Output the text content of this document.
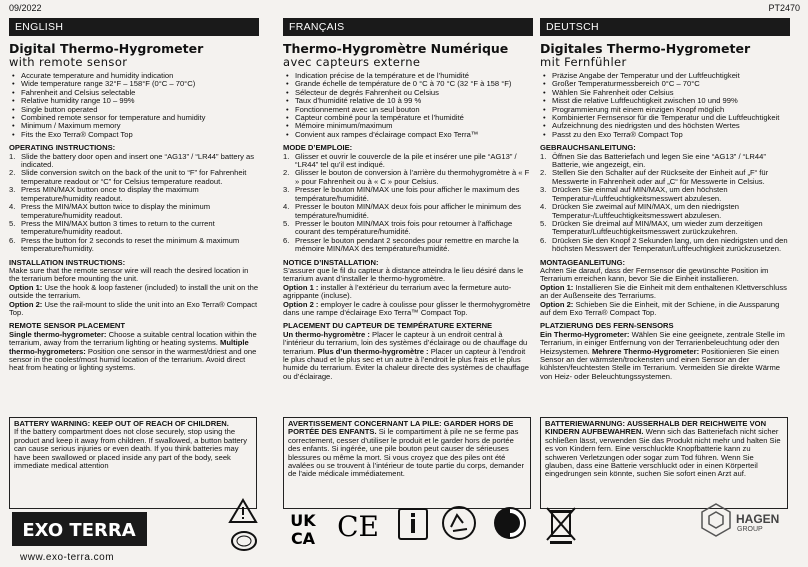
09/2022	PT2470
ENGLISH
Digital Thermo-Hygrometer
with remote sensor
• Accurate temperature and humidity indication
• Wide temperature range 32°F – 158°F (0°C – 70°C)
• Fahrenheit and Celsius selectable
• Relative humidity range 10 – 99%
• Single button operated
• Combined remote sensor for temperature and humidity
• Minimum / Maximum memory
• Fits the Exo Terra® Compact Top
OPERATING INSTRUCTIONS:
1. Slide the battery door open and insert one “AG13” / “LR44” battery as indicated.
2. Slide conversion switch on the back of the unit to “F” for Fahrenheit temperature readout or “C” for Celsius temperature readout.
3. Press MIN/MAX button once to display the maximum temperature/humidity readout.
4. Press the MIN/MAX button twice to display the minimum temperature/humidity readout.
5. Press the MIN/MAX button 3 times to return to the current temperature/humidity readout.
6. Press the button for 2 seconds to reset the minimum & maximum temperature/humidity.
INSTALLATION INSTRUCTIONS:
Make sure that the remote sensor wire will reach the desired location in the terrarium before mounting the unit.
Option 1: Use the hook & loop fastener (included) to install the unit on the outside the terrarium.
Option 2: Use the rail-mount to slide the unit into an Exo Terra® Compact Top.
REMOTE SENSOR PLACEMENT
Single thermo-hygrometer: Choose a suitable central location within the terrarium, away from the terrarium lighting or heating systems. Multiple thermo-hygrometers: Position one sensor in the warmest/driest and one sensor in the coolest/most humid location of the terrarium. Avoid direct heat from heating or lighting systems.
FRANÇAIS
Thermo-Hygromètre Numérique
avec capteurs externe
• Indication précise de la température et de l’humidité
• Grande échelle de température de 0 °C à 70 °C (32 °F à 158 °F)
• Sélecteur de degrés Fahrenheit ou Celsius
• Taux d’humidité relative de 10 à 99 %
• Fonctionnement avec un seul bouton
• Capteur combiné pour la température et l’humidité
• Mémoire minimum/maximum
• Convient aux rampes d’éclairage compact Exo Terra™
MODE D’EMPLOIE:
1. Glisser et ouvrir le couvercle de la pile et insérer une pile “AG13” / “LR44” tel qu’il est indiqué.
2. Glisser le bouton de conversion à l’arrière du thermohygromètre à « F » pour Fahrenheit ou à « C » pour Celsius.
3. Presser le bouton MIN/MAX une fois pour afficher le maximum des température/humidité.
4. Presser le bouton MIN/MAX deux fois pour afficher le minimum des température/humidité.
5. Presser le bouton MIN/MAX trois fois pour retourner à l’affichage courant des température/humidité.
6. Presser le bouton pendant 2 secondes pour remettre en marche la mémoire MIN/MAX des température/humidité.
NOTICE D’INSTALLATION:
S’assurer que le fil du capteur à distance atteindra le lieu désiré dans le terrarium avant d’installer le thermo-hygromètre.
Option 1 : installer à l’extérieur du terrarium avec la fermeture auto-agrippante (incluse).
Option 2 : employer le cadre à coulisse pour glisser le thermohygromètre dans une rampe d’éclairage Exo Terra™ Compact Top.
PLACEMENT DU CAPTEUR DE TEMPÉRATURE EXTERNE
Un thermo-hygromètre : Placer le capteur à un endroit central à l’intérieur du terrarium, loin des systèmes d’éclairage ou de chauffage du terrarium. Plus d’un thermo-hygromètre : Placer un capteur à l’endroit le plus chaud et le plus sec et un autre à l’endroit le plus frais et le plus humide du terrarium. Éviter la chaleur directe des systèmes de chauffage ou d’éclairage.
DEUTSCH
Digitales Thermo-Hygrometer
mit Fernfühler
• Präzise Angabe der Temperatur und der Luftfeuchtigkeit
• Großer Temperaturmessbereich 0°C – 70°C
• Wählen Sie Fahrenheit oder Celsius
• Misst die relative Luftfeuchtigkeit zwischen 10 und 99%
• Programmierung mit einem einzigen Knopf möglich
• Kombinierter Fernsensor für die Temperatur und die Luftfeuchtigkeit
• Aufzeichnung des niedrigsten und des höchsten Wertes
• Passt zu den Exo Terra® Compact Top
GEBRAUCHSANLEITUNG:
1. Öffnen Sie das Batteriefach und legen Sie eine “AG13” / “LR44” Batterie, wie angezeigt, ein.
2. Stellen Sie den Schalter auf der Rückseite der Einheit auf „F“ für Messwerte in Fahrenheit oder auf „C“ für Messwerte in Celsius.
3. Drücken Sie einmal auf MIN/MAX, um den höchsten Temperatur-/Luftfeuchtigkeitsmesswert abzulesen.
4. Drücken Sie zweimal auf MIN/MAX, um den niedrigsten Temperatur-/Luftfeuchtigkeitsmesswert abzulesen.
5. Drücken Sie dreimal auf MIN/MAX, um wieder zum derzeitigen Temperatur/Luftfeuchtigkeitsmesswert zurückzukehren.
6. Drücken Sie den Knopf 2 Sekunden lang, um den niedrigsten und den höchsten Messwert der Temperatur/Luftfeuchtigkeit zurückzusetzen.
MONTAGEANLEITUNG:
Achten Sie darauf, dass der Fernsensor die gewünschte Position im Terrarium erreichen kann, bevor Sie die Einheit installieren.
Option 1: Installieren Sie die Einheit mit dem enthaltenen Klettverschluss an der Außenseite des Terrariums.
Option 2: Schieben Sie die Einheit, mit der Schiene, in die Aussparung auf dem Exo Terra® Compact Top.
PLATZIERUNG DES FERN-SENSORS
Ein Thermo-Hygrometer: Wählen Sie eine geeignete, zentrale Stelle im Terrarium, in einiger Entfernung von der Terrarienbeleuchtung oder den Heizsystemen. Mehrere Thermo-Hygrometer: Positionieren Sie einen Sensor an der wärmsten/trockensten und einen Sensor an der kühlsten/feuchtesten Stelle im Terrarium. Vermeiden Sie direkte Wärme von Heiz- oder Beleuchtungssystemen.
BATTERY WARNING: KEEP OUT OF REACH OF CHILDREN.
If the battery compartment does not close securely, stop using the product and keep it away from children. If swallowed, a button battery can cause serious injuries or even death. If you think batteries may have been swallowed or placed inside any part of the body, seek immediate medical attention
AVERTISSEMENT CONCERNANT LA PILE: GARDER HORS DE PORTÉE DES ENFANTS. Si le compartiment à pile ne se ferme pas correctement, cesser d’utiliser le produit et le garder hors de portée des enfants. Si ingérée, une pile bouton peut causer de sérieuses blessures ou même la mort. Si vous croyez que des piles ont été avalées ou se trouvent à l’intérieur de toute partie du corps, demander de l’aide médicale immédiatement.
BATTERIEWARNUNG: AUSSERHALB DER REICHWEITE VON KINDERN AUFBEWAHREN. Wenn sich das Batteriefach nicht sicher schließen lässt, verwenden Sie das Produkt nicht mehr und halten Sie es von Kindern fern. Eine verschluckte Knopfbatterie kann zu schweren Verletzungen oder sogar zum Tod führen. Wenn Sie glauben, dass eine Batterie verschluckt oder in einen Körperteil eingedrungen sein könnte, suchen Sie sofort einen Arzt auf.
EXO TERRA
www.exo-terra.com
UK
CA CE	HAGEN
GROUP
